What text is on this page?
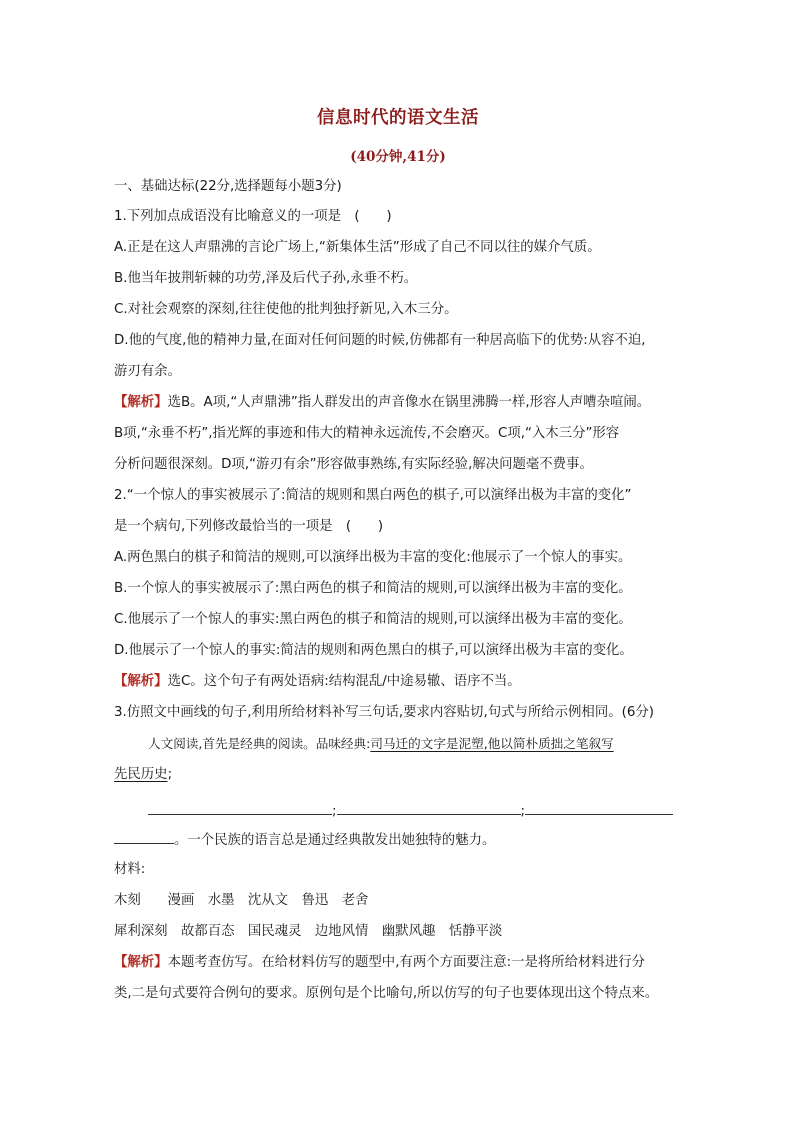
信息时代的语文生活
(40分钟,41分)
一、基础达标(22分,选择题每小题3分)
1.下列加点成语没有比喻意义的一项是　(　　)
A.正是在这人声鼎沸的言论广场上,“新集体生活”形成了自己不同以往的媒介气质。
B.他当年披荆斩棘的功劳,泽及后代子孙,永垂不朽。
C.对社会观察的深刻,往往使他的批判独抒新见,入木三分。
D.他的气度,他的精神力量,在面对任何问题的时候,仿佛都有一种居高临下的优势:从容不迫,
游刃有余。
【解析】选B。A项,“人声鼎沸”指人群发出的声音像水在锅里沸腾一样,形容人声嘈杂喧闹。
B项,“永垂不朽”,指光辉的事迹和伟大的精神永远流传,不会磨灭。C项,“入木三分”形容
分析问题很深刻。D项,“游刃有余”形容做事熟练,有实际经验,解决问题毫不费事。
2.“一个惊人的事实被展示了:简洁的规则和黑白两色的棋子,可以演绎出极为丰富的变化”
是一个病句,下列修改最恰当的一项是　(　　)
A.两色黑白的棋子和简洁的规则,可以演绎出极为丰富的变化:他展示了一个惊人的事实。
B.一个惊人的事实被展示了:黑白两色的棋子和简洁的规则,可以演绎出极为丰富的变化。
C.他展示了一个惊人的事实:黑白两色的棋子和简洁的规则,可以演绎出极为丰富的变化。
D.他展示了一个惊人的事实:简洁的规则和两色黑白的棋子,可以演绎出极为丰富的变化。
【解析】选C。这个句子有两处语病:结构混乱/中途易辙、语序不当。
3.仿照文中画线的句子,利用所给材料补写三句话,要求内容贴切,句式与所给示例相同。(6分)
人文阅读,首先是经典的阅读。品味经典:司马迁的文字是泥塑,他以简朴质拙之笔叙写
先民历史;
;	;
。一个民族的语言总是通过经典散发出她独特的魅力。
材料:
木刻　　漫画　水墨　沈从文　鲁迅　老舍
犀利深刻　故都百态　国民魂灵　边地风情　幽默风趣　恬静平淡
【解析】本题考查仿写。在给材料仿写的题型中,有两个方面要注意:一是将所给材料进行分
类,二是句式要符合例句的要求。原例句是个比喻句,所以仿写的句子也要体现出这个特点来。
